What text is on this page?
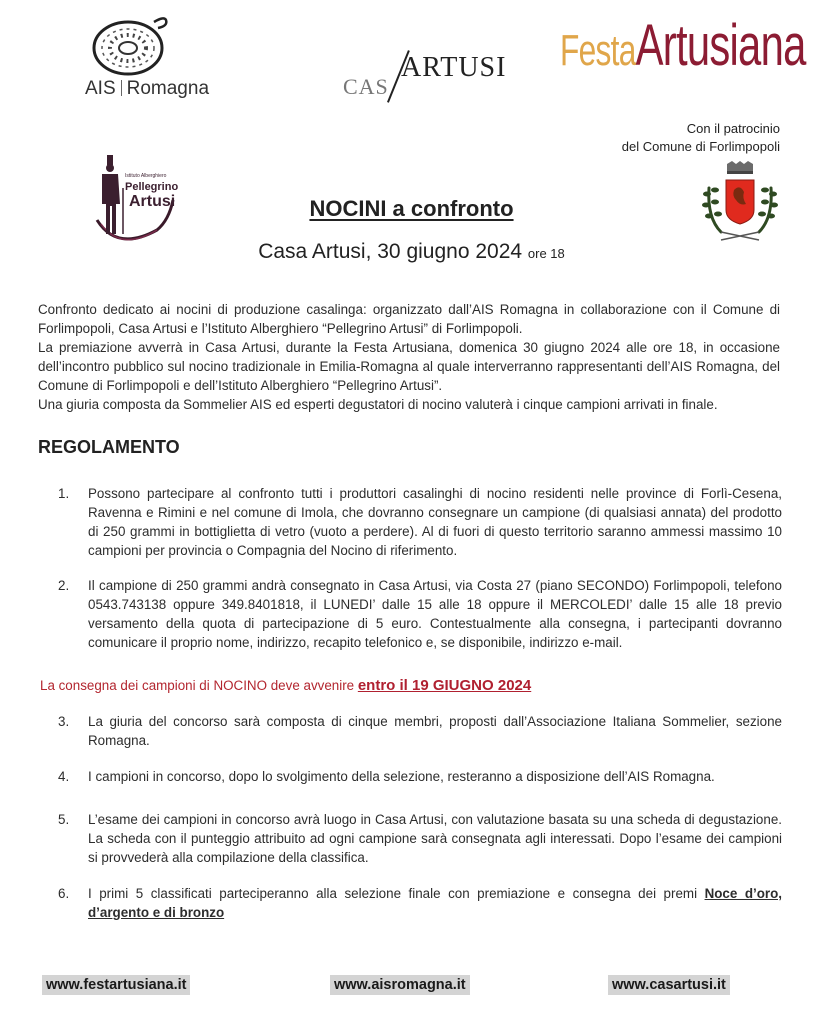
AIS Romagna	CAS
ARTUSI FestaArtusiana
Con il patrocinio
del Comune di Forlimpopoli
Istituto Alberghiero
Pellegrino
Artusi	NOCINI a confronto
Casa Artusi, 30 giugno 2024 ore 18

Confronto dedicato ai nocini di produzione casalinga: organizzato dall’AIS Romagna in collaborazione con il Comune di Forlimpopoli, Casa Artusi e l’Istituto Alberghiero “Pellegrino Artusi” di Forlimpopoli.

La premiazione avverrà in Casa Artusi, durante la Festa Artusiana, domenica 30 giugno 2024 alle ore 18, in occasione dell’incontro pubblico sul nocino tradizionale in Emilia-Romagna al quale interverranno rappresentanti dell’AIS Romagna, del Comune di Forlimpopoli e dell’Istituto Alberghiero “Pellegrino Artusi”.

Una giuria composta da Sommelier AIS ed esperti degustatori di nocino valuterà i cinque campioni arrivati in finale.

REGOLAMENTO
1.	Possono partecipare al confronto tutti i produttori casalinghi di nocino residenti nelle province di Forlì-Cesena, Ravenna e Rimini e nel comune di Imola, che dovranno consegnare un campione (di qualsiasi annata) del prodotto di 250 grammi in bottiglietta di vetro (vuoto a perdere). Al di fuori di questo territorio saranno ammessi massimo 10 campioni per provincia o Compagnia del Nocino di riferimento.
2.	Il campione di 250 grammi andrà consegnato in Casa Artusi, via Costa 27 (piano SECONDO) Forlimpopoli, telefono 0543.743138 oppure 349.8401818, il LUNEDI’ dalle 15 alle 18 oppure il MERCOLEDI’ dalle 15 alle 18 previo versamento della quota di partecipazione di 5 euro. Contestualmente alla consegna, i partecipanti dovranno comunicare il proprio nome, indirizzo, recapito telefonico e, se disponibile, indirizzo e-mail.
La consegna dei campioni di NOCINO deve avvenire entro il 19 GIUGNO 2024
3.	La giuria del concorso sarà composta di cinque membri, proposti dall’Associazione Italiana Sommelier, sezione Romagna.
4.	I campioni in concorso, dopo lo svolgimento della selezione, resteranno a disposizione dell’AIS Romagna.
5.	L’esame dei campioni in concorso avrà luogo in Casa Artusi, con valutazione basata su una scheda di degustazione. La scheda con il punteggio attribuito ad ogni campione sarà consegnata agli interessati. Dopo l’esame dei campioni si provvederà alla compilazione della classifica.
6.	I primi 5 classificati parteciperanno alla selezione finale con premiazione e consegna dei premi Noce d’oro, d’argento e di bronzo
www.festartusiana.it	www.aisromagna.it	www.casartusi.it
